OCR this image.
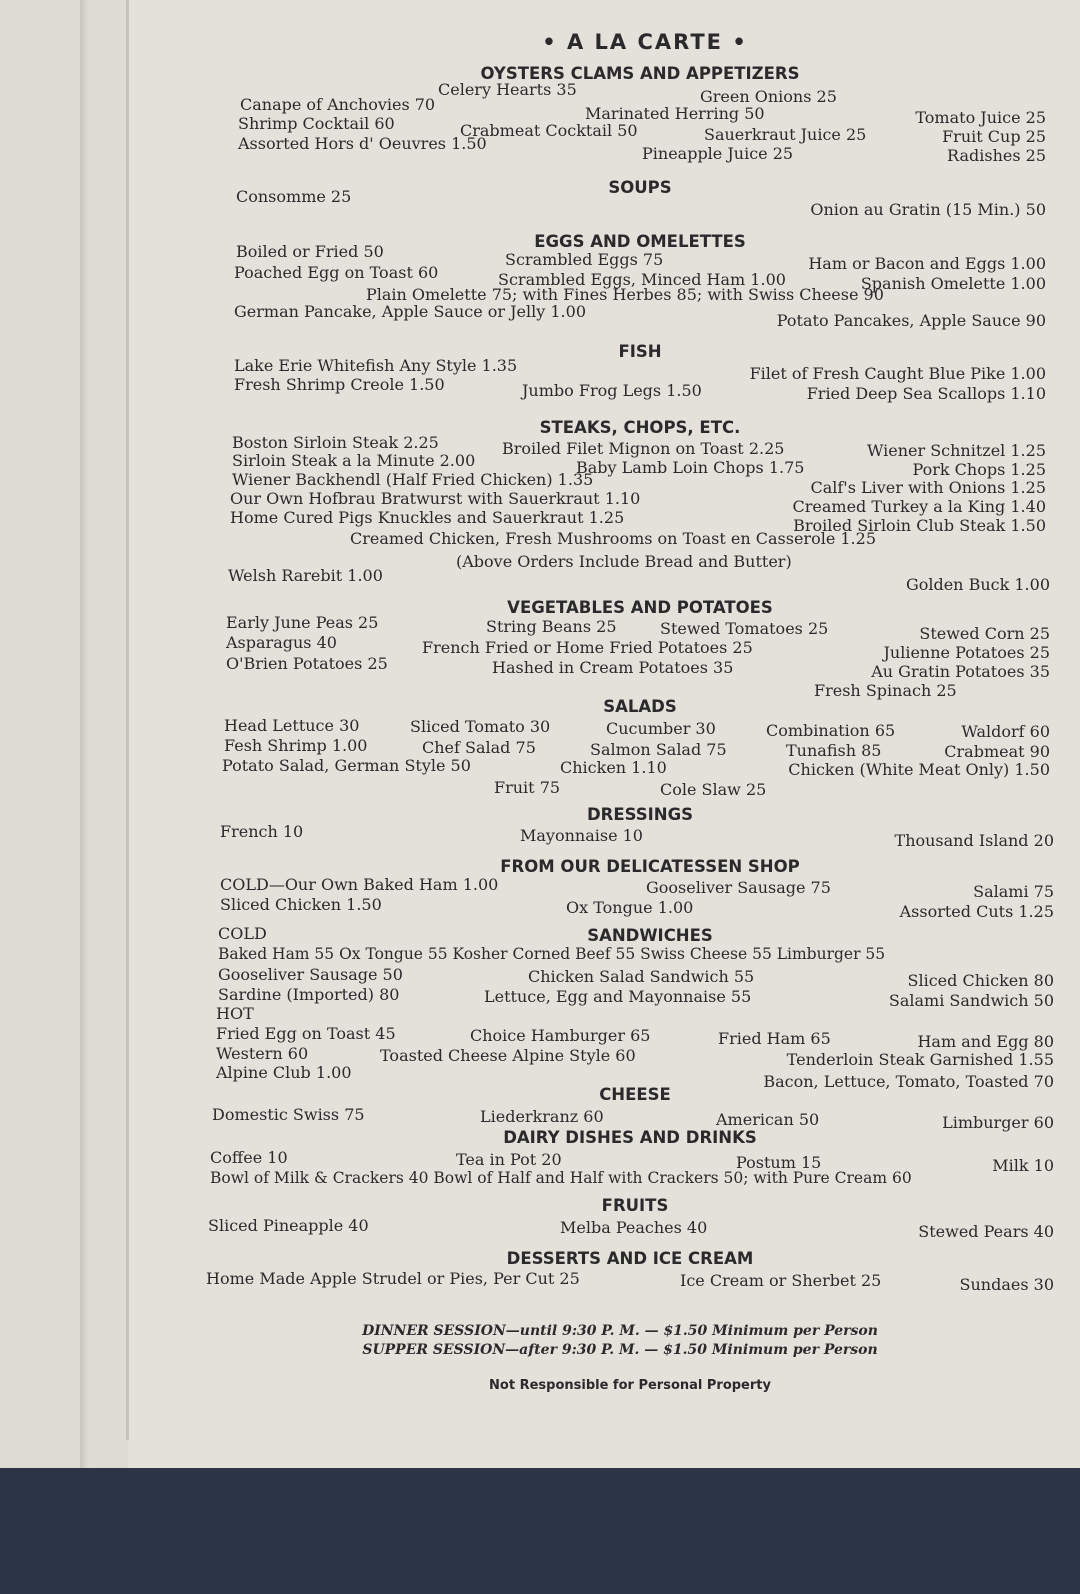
• A LA CARTE •
OYSTERS CLAMS AND APPETIZERS
Celery Hearts 35	Green Onions 25
Canape of Anchovies 70	Marinated Herring 50	Tomato Juice 25
Shrimp Cocktail 60	Crabmeat Cocktail 50	Sauerkraut Juice 25	Fruit Cup 25
Assorted Hors d' Oeuvres 1.50
Pineapple Juice 25	Radishes 25
SOUPS
Consomme 25
Onion au Gratin (15 Min.) 50
EGGS AND OMELETTES
Boiled or Fried 50	Scrambled Eggs 75	Ham or Bacon and Eggs 1.00
Poached Egg on Toast 60	Scrambled Eggs, Minced Ham 1.00	Spanish Omelette 1.00
Plain Omelette 75; with Fines Herbes 85; with Swiss Cheese 90
German Pancake, Apple Sauce or Jelly 1.00	Potato Pancakes, Apple Sauce 90
FISH
Lake Erie Whitefish Any Style 1.35	Filet of Fresh Caught Blue Pike 1.00
Fresh Shrimp Creole 1.50	Jumbo Frog Legs 1.50	Fried Deep Sea Scallops 1.10
STEAKS, CHOPS, ETC.
Boston Sirloin Steak 2.25	Broiled Filet Mignon on Toast 2.25	Wiener Schnitzel 1.25
Sirloin Steak a la Minute 2.00	Baby Lamb Loin Chops 1.75	Pork Chops 1.25
Wiener Backhendl (Half Fried Chicken) 1.35	Calf's Liver with Onions 1.25
Our Own Hofbrau Bratwurst with Sauerkraut 1.10	Creamed Turkey a la King 1.40
Home Cured Pigs Knuckles and Sauerkraut 1.25	Broiled Sirloin Club Steak 1.50
Creamed Chicken, Fresh Mushrooms on Toast en Casserole 1.25
(Above Orders Include Bread and Butter)
Welsh Rarebit 1.00	Golden Buck 1.00
VEGETABLES AND POTATOES
Early June Peas 25	String Beans 25	Stewed Tomatoes 25	Stewed Corn 25
Asparagus 40	French Fried or Home Fried Potatoes 25	Julienne Potatoes 25
O'Brien Potatoes 25	Hashed in Cream Potatoes 35	Au Gratin Potatoes 35
Fresh Spinach 25
SALADS
Head Lettuce 30	Sliced Tomato 30	Cucumber 30	Combination 65	Waldorf 60
Fesh Shrimp 1.00	Chef Salad 75	Salmon Salad 75	Tunafish 85	Crabmeat 90
Potato Salad, German Style 50	Chicken 1.10	Chicken (White Meat Only) 1.50
Fruit 75	Cole Slaw 25
DRESSINGS
French 10	Mayonnaise 10	Thousand Island 20
FROM OUR DELICATESSEN SHOP
COLD—Our Own Baked Ham 1.00	Gooseliver Sausage 75	Salami 75
Sliced Chicken 1.50	Ox Tongue 1.00	Assorted Cuts 1.25
COLD	SANDWICHES
Baked Ham 55 Ox Tongue 55 Kosher Corned Beef 55 Swiss Cheese 55 Limburger 55
Gooseliver Sausage 50	Chicken Salad Sandwich 55	Sliced Chicken 80
Sardine (Imported) 80	Lettuce, Egg and Mayonnaise 55	Salami Sandwich 50
HOT
Fried Egg on Toast 45	Choice Hamburger 65	Fried Ham 65	Ham and Egg 80
Western 60	Toasted Cheese Alpine Style 60	Tenderloin Steak Garnished 1.55
Alpine Club 1.00	Bacon, Lettuce, Tomato, Toasted 70
CHEESE
Domestic Swiss 75	Liederkranz 60	American 50	Limburger 60
DAIRY DISHES AND DRINKS
Coffee 10	Tea in Pot 20	Postum 15	Milk 10
Bowl of Milk & Crackers 40 Bowl of Half and Half with Crackers 50; with Pure Cream 60
FRUITS
Sliced Pineapple 40	Melba Peaches 40	Stewed Pears 40
DESSERTS AND ICE CREAM
Home Made Apple Strudel or Pies, Per Cut 25	Ice Cream or Sherbet 25	Sundaes 30
DINNER SESSION—until 9:30 P. M. — $1.50 Minimum per Person
SUPPER SESSION—after 9:30 P. M. — $1.50 Minimum per Person
Not Responsible for Personal Property
